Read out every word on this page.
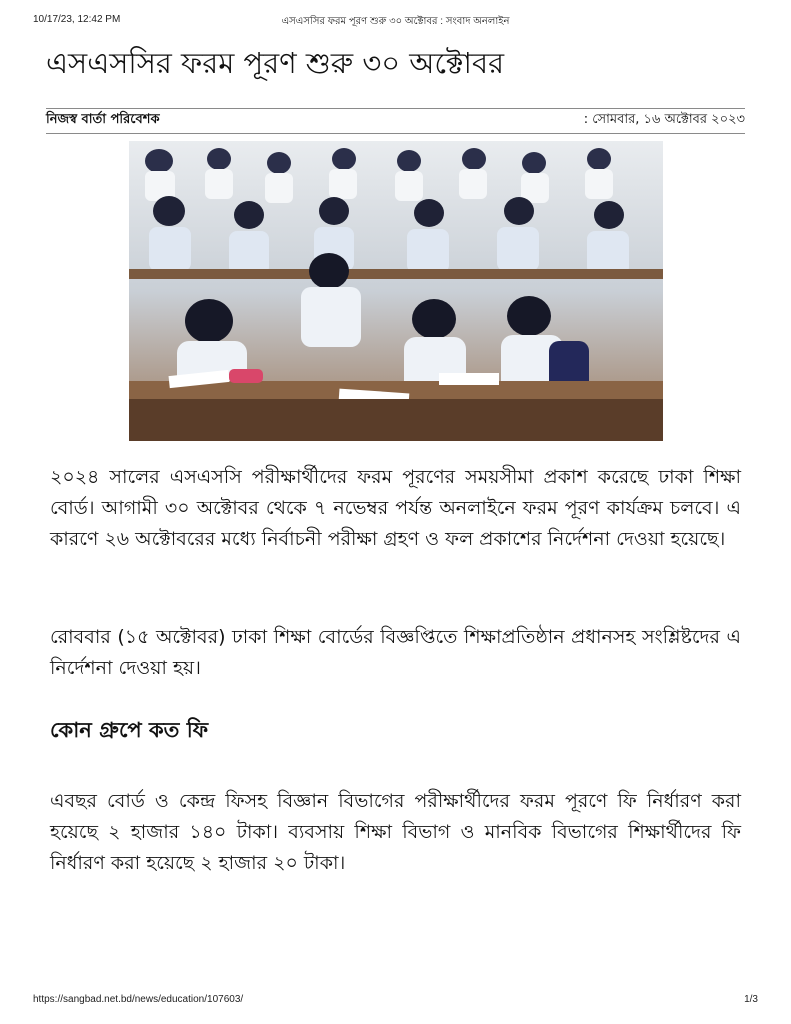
10/17/23, 12:42 PM	এসএসসির ফরম পূরণ শুরু ৩০ অক্টোবর : সংবাদ অনলাইন
এসএসসির ফরম পূরণ শুরু ৩০ অক্টোবর
নিজস্ব বার্তা পরিবেশক	: সোমবার, ১৬ অক্টোবর ২০২৩

২০২৪ সালের এসএসসি পরীক্ষার্থীদের ফরম পূরণের সময়সীমা প্রকাশ করেছে ঢাকা শিক্ষা বোর্ড। আগামী ৩০ অক্টোবর থেকে ৭ নভেম্বর পর্যন্ত অনলাইনে ফরম পূরণ কার্যক্রম চলবে। এ কারণে ২৬ অক্টোবরের মধ্যে নির্বাচনী পরীক্ষা গ্রহণ ও ফল প্রকাশের নির্দেশনা দেওয়া হয়েছে।

রোববার (১৫ অক্টোবর) ঢাকা শিক্ষা বোর্ডের বিজ্ঞপ্তিতে শিক্ষাপ্রতিষ্ঠান প্রধানসহ সংশ্লিষ্টদের এ নির্দেশনা দেওয়া হয়।

কোন গ্রুপে কত ফি

এবছর বোর্ড ও কেন্দ্র ফিসহ বিজ্ঞান বিভাগের পরীক্ষার্থীদের ফরম পূরণে ফি নির্ধারণ করা হয়েছে ২ হাজার ১৪০ টাকা। ব্যবসায় শিক্ষা বিভাগ ও মানবিক বিভাগের শিক্ষার্থীদের ফি নির্ধারণ করা হয়েছে ২ হাজার ২০ টাকা।

https://sangbad.net.bd/news/education/107603/	1/3
